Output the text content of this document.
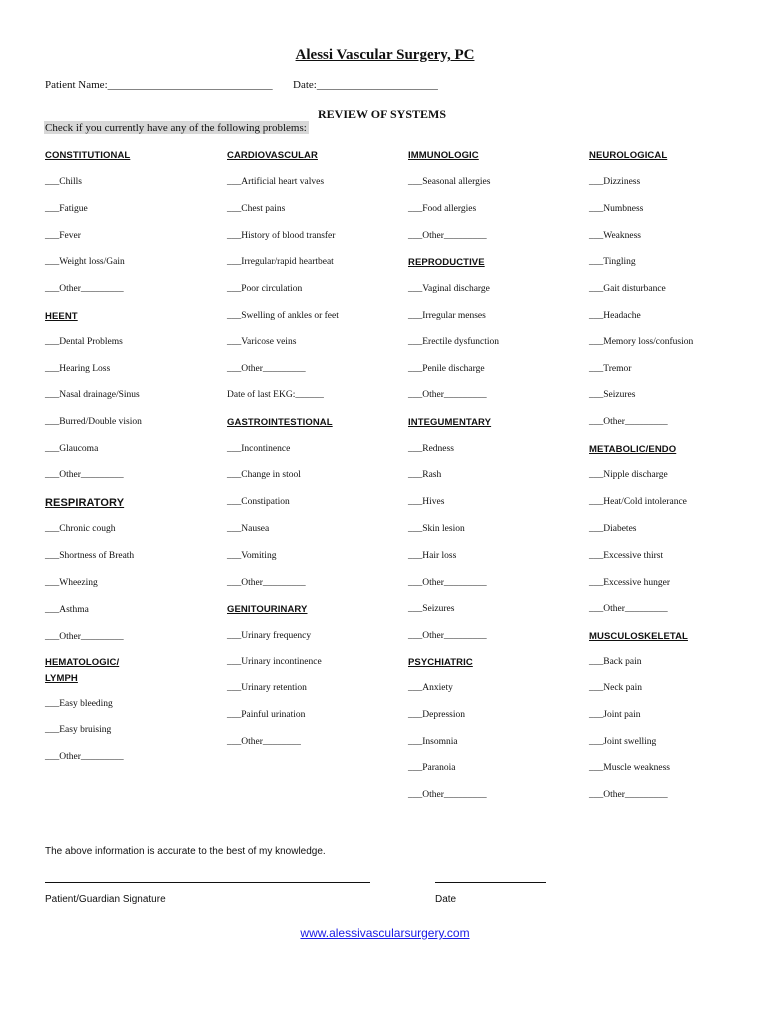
Alessi Vascular Surgery, PC
Patient Name:______________________________ Date:______________________
REVIEW OF SYSTEMS
Check if you currently have any of the following problems:
CONSTITUTIONAL
___Chills
___Fatigue
___Fever
___Weight loss/Gain
___Other_________
HEENT
___Dental Problems
___Hearing Loss
___Nasal drainage/Sinus
___Burred/Double vision
___Glaucoma
___Other_________
RESPIRATORY
___Chronic cough
___Shortness of Breath
___Wheezing
___Asthma
___Other_________
HEMATOLOGIC/
LYMPH
___Easy bleeding
___Easy bruising
___Other_________
CARDIOVASCULAR
___Artificial heart valves
___Chest pains
___History of blood transfer
___Irregular/rapid heartbeat
___Poor circulation
___Swelling of ankles or feet
___Varicose veins
___Other_________
Date of last EKG:______
GASTROINTESTIONAL
___Incontinence
___Change in stool
___Constipation
___Nausea
___Vomiting
___Other_________
GENITOURINARY
___Urinary frequency
___Urinary incontinence
___Urinary retention
___Painful urination
___Other________
IMMUNOLOGIC
___Seasonal allergies
___Food allergies
___Other_________
REPRODUCTIVE
___Vaginal discharge
___Irregular menses
___Erectile dysfunction
___Penile discharge
___Other_________
INTEGUMENTARY
___Redness
___Rash
___Hives
___Skin lesion
___Hair loss
___Other_________
___Seizures
___Other_________
PSYCHIATRIC
___Anxiety
___Depression
___Insomnia
___Paranoia
___Other_________
NEUROLOGICAL
___Dizziness
___Numbness
___Weakness
___Tingling
___Gait disturbance
___Headache
___Memory loss/confusion
___Tremor
___Seizures
___Other_________
METABOLIC/ENDO
___Nipple discharge
___Heat/Cold intolerance
___Diabetes
___Excessive thirst
___Excessive hunger
___Other_________
MUSCULOSKELETAL
___Back pain
___Neck pain
___Joint pain
___Joint swelling
___Muscle weakness
___Other_________
The above information is accurate to the best of my knowledge.
Patient/Guardian Signature	Date
www.alessivascularsurgery.com
